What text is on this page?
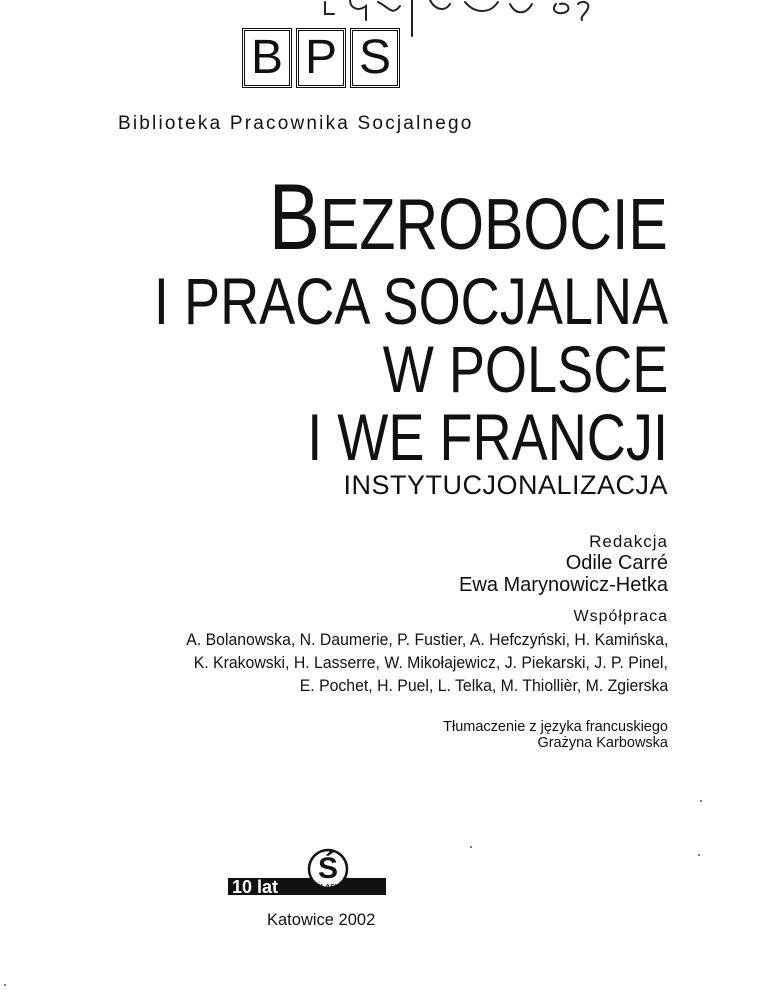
B P S
Biblioteka Pracownika Socjalnego
BEZROBOCIE
I PRACA SOCJALNA
W POLSCE
I WE FRANCJI
INSTYTUCJONALIZACJA
Redakcja
Odile Carré
Ewa Marynowicz-Hetka
Współpraca
A. Bolanowska, N. Daumerie, P. Fustier, A. Hefczyński, H. Kamińska,
K. Krakowski, H. Lasserre, W. Mikołajewicz, J. Piekarski, J. P. Pinel,
E. Pochet, H. Puel, L. Telka, M. Thiollièr, M. Zgierska
Tłumaczenie z języka francuskiego
Grażyna Karbowska
10 lat
Ś
ŚLĄSK
Katowice 2002
